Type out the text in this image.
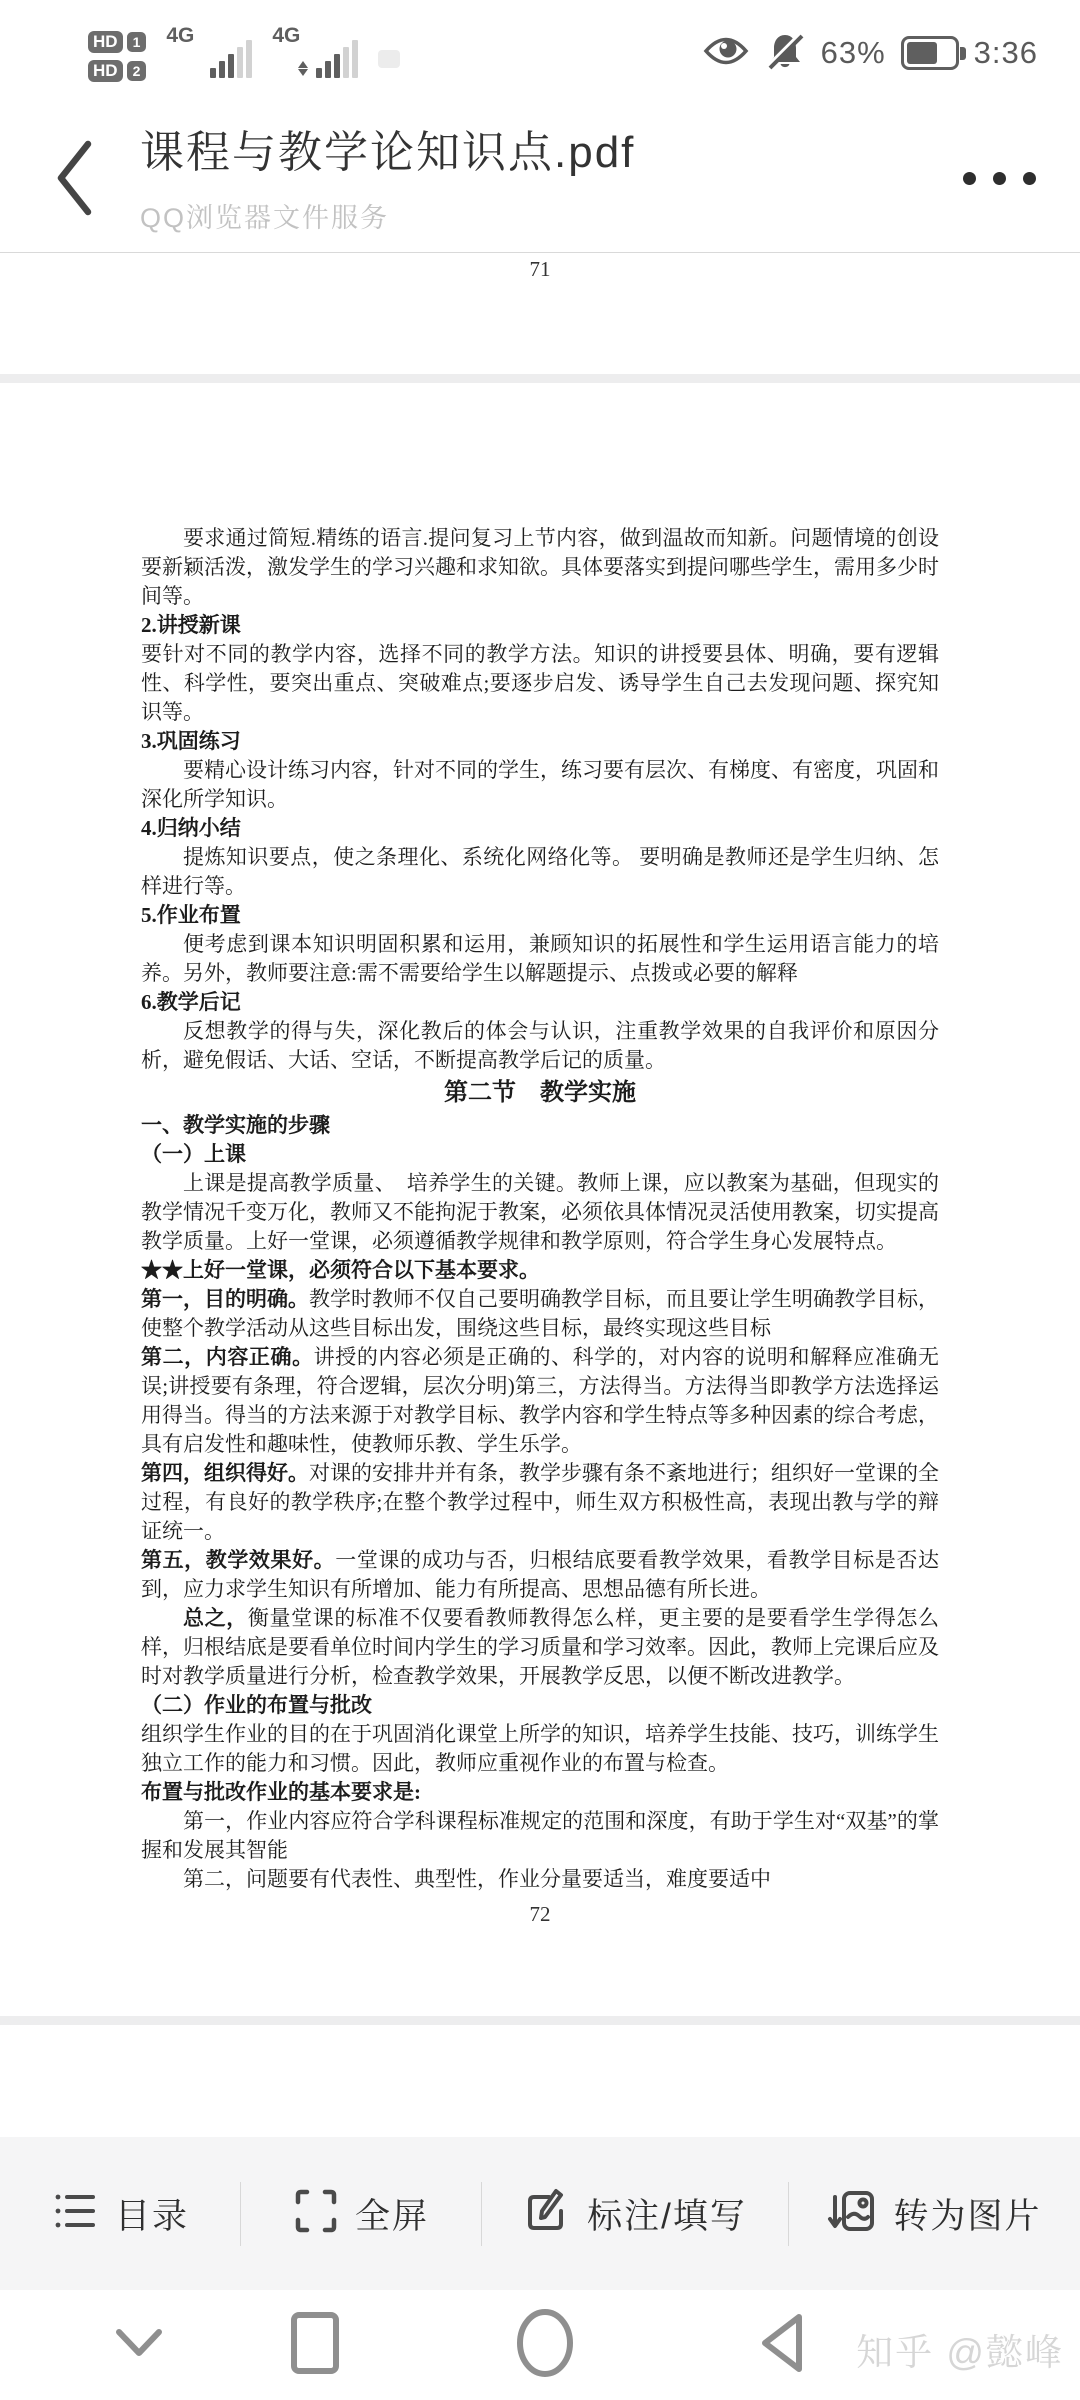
HD	1
HD	2
4G	4G	63%	3:36
课程与教学论知识点.pdf
QQ浏览器文件服务
71

要求通过简短.精练的语言.提问复习上节内容，做到温故而知新。问题情境的创设要新颖活泼，激发学生的学习兴趣和求知欲。具体要落实到提问哪些学生，需用多少时间等。

2.讲授新课

要针对不同的教学内容，选择不同的教学方法。知识的讲授要县体、明确，要有逻辑性、科学性，要突出重点、突破难点;要逐步启发、诱导学生自己去发现问题、探究知识等。

3.巩固练习

要精心设计练习内容，针对不同的学生，练习要有层次、有梯度、有密度，巩固和深化所学知识。

4.归纳小结

提炼知识要点，使之条理化、系统化网络化等。 要明确是教师还是学生归纳、怎样进行等。

5.作业布置

便考虑到课本知识明固积累和运用，兼顾知识的拓展性和学生运用语言能力的培养。另外，教师要注意:需不需要给学生以解题提示、点拨或必要的解释

6.教学后记

反想教学的得与失，深化教后的体会与认识，注重教学效果的自我评价和原因分析，避免假话、大话、空话，不断提高教学后记的质量。

第二节　教学实施

一、教学实施的步骤

（一）上课

上课是提高教学质量、　培养学生的关键。教师上课，应以教案为基础，但现实的教学情况千变万化，教师又不能拘泥于教案，必须依具体情况灵活使用教案，切实提高教学质量。上好一堂课，必须遵循教学规律和教学原则，符合学生身心发展特点。

★★上好一堂课，必须符合以下基本要求。

第一，目的明确。教学时教师不仅自己要明确教学目标，而且要让学生明确教学目标，使整个教学活动从这些目标出发，围绕这些目标，最终实现这些目标

第二，内容正确。讲授的内容必须是正确的、科学的，对内容的说明和解释应准确无误;讲授要有条理，符合逻辑，层次分明)第三，方法得当。方法得当即教学方法选择运用得当。得当的方法来源于对教学目标、教学内容和学生特点等多种因素的综合考虑，具有启发性和趣味性，使教师乐教、学生乐学。

第四，组织得好。对课的安排井并有条，教学步骤有条不紊地进行；组织好一堂课的全过程，有良好的教学秩序;在整个教学过程中，师生双方积极性高，表现出教与学的辩证统一。

第五，教学效果好。一堂课的成功与否，归根结底要看教学效果，看教学目标是否达到，应力求学生知识有所增加、能力有所提高、思想品德有所长进。

总之，衡量堂课的标准不仅要看教师教得怎么样，更主要的是要看学生学得怎么样，归根结底是要看单位时间内学生的学习质量和学习效率。因此，教师上完课后应及时对教学质量进行分析，检查教学效果，开展教学反思，以便不断改进教学。

（二）作业的布置与批改

组织学生作业的目的在于巩固消化课堂上所学的知识，培养学生技能、技巧，训练学生独立工作的能力和习惯。因此，教师应重视作业的布置与检查。

布置与批改作业的基本要求是:

第一，作业内容应符合学科课程标准规定的范围和深度，有助于学生对“双基”的掌握和发展其智能

第二，问题要有代表性、典型性，作业分量要适当，难度要适中

72

目录	全屏	标注/填写	转为图片
知乎 @懿峰
